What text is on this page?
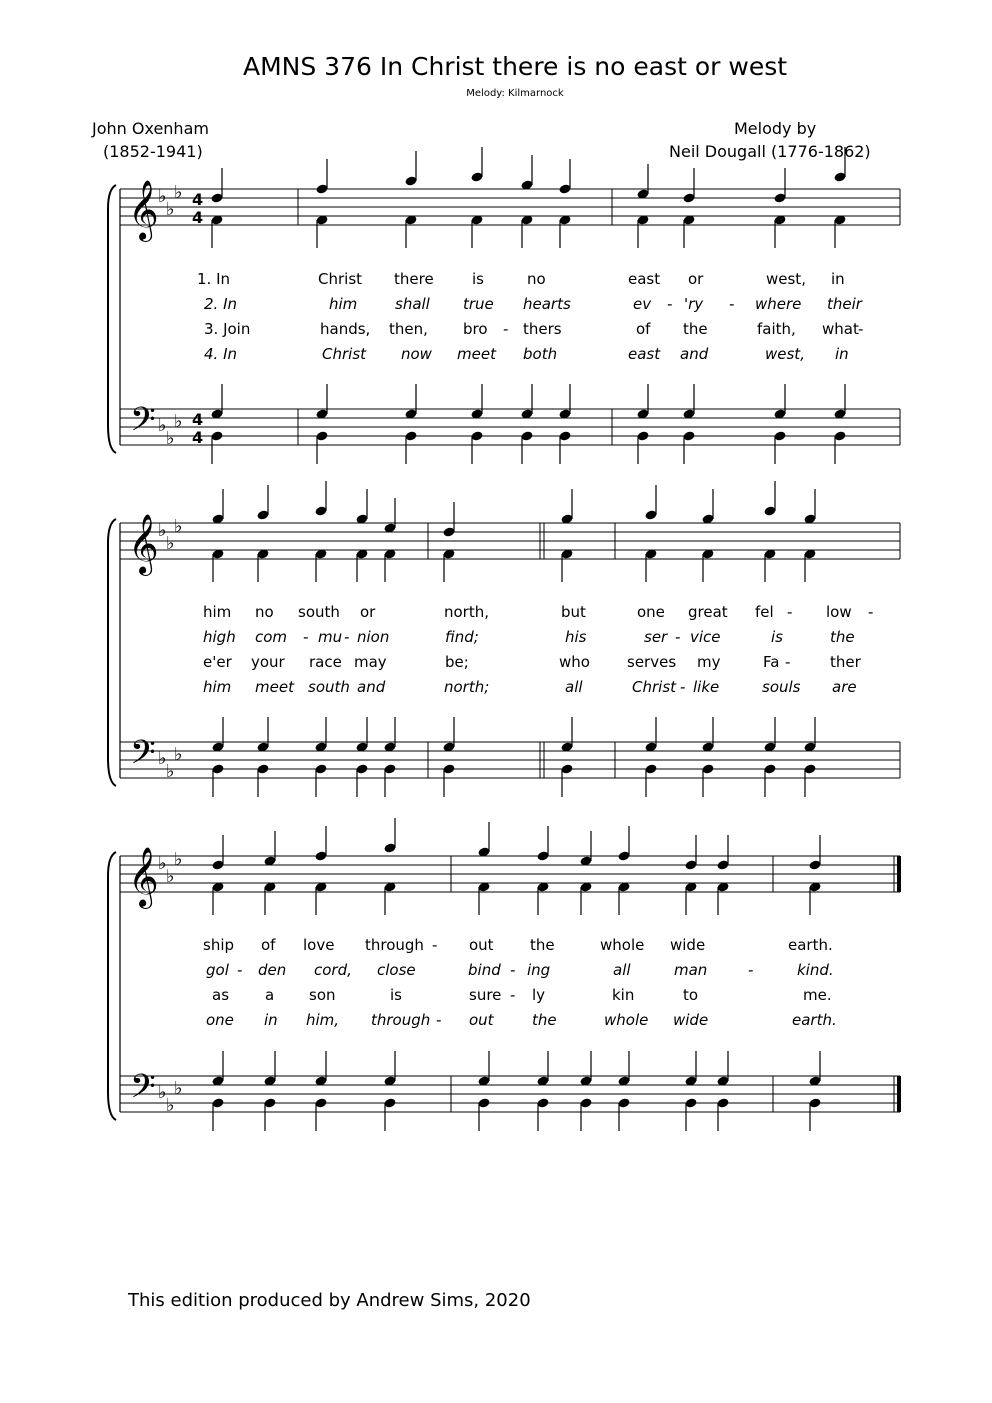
AMNS 376 In Christ there is no east or west
Melody: Kilmarnock
John Oxenham
(1852-1941)
Melody by
Neil Dougall (1776-1862)
𝄞
𝄢
♭
♭
♭
♭
♭
♭
4
4
4
4
𝄞
𝄢
♭
♭
♭
♭
♭
♭
𝄞
𝄢
♭
♭
♭
♭
♭
♭
1. In	Christ there	is	no	east or	west, in
2. In	him	shall true hearts	ev - 'ry - where their
3. Join	hands, then, bro - thers	of the	faith, what -
4. In	Christ now meet both	east and	west, in
him no south or	north,	but	one great fel - low -
high com - mu - nion	find;	his	ser - vice	is	the
e'er your race may	be;	who serves my	Fa -	ther
him meet south and	north;	all	Christ - like	souls are
ship of love through - out the	whole wide	earth.
gol - den cord, close	bind - ing	all	man	-	kind.
as a son	is	sure - ly	kin	to	me.
one in him, through - out	the	whole wide	earth.
This edition produced by Andrew Sims, 2020
